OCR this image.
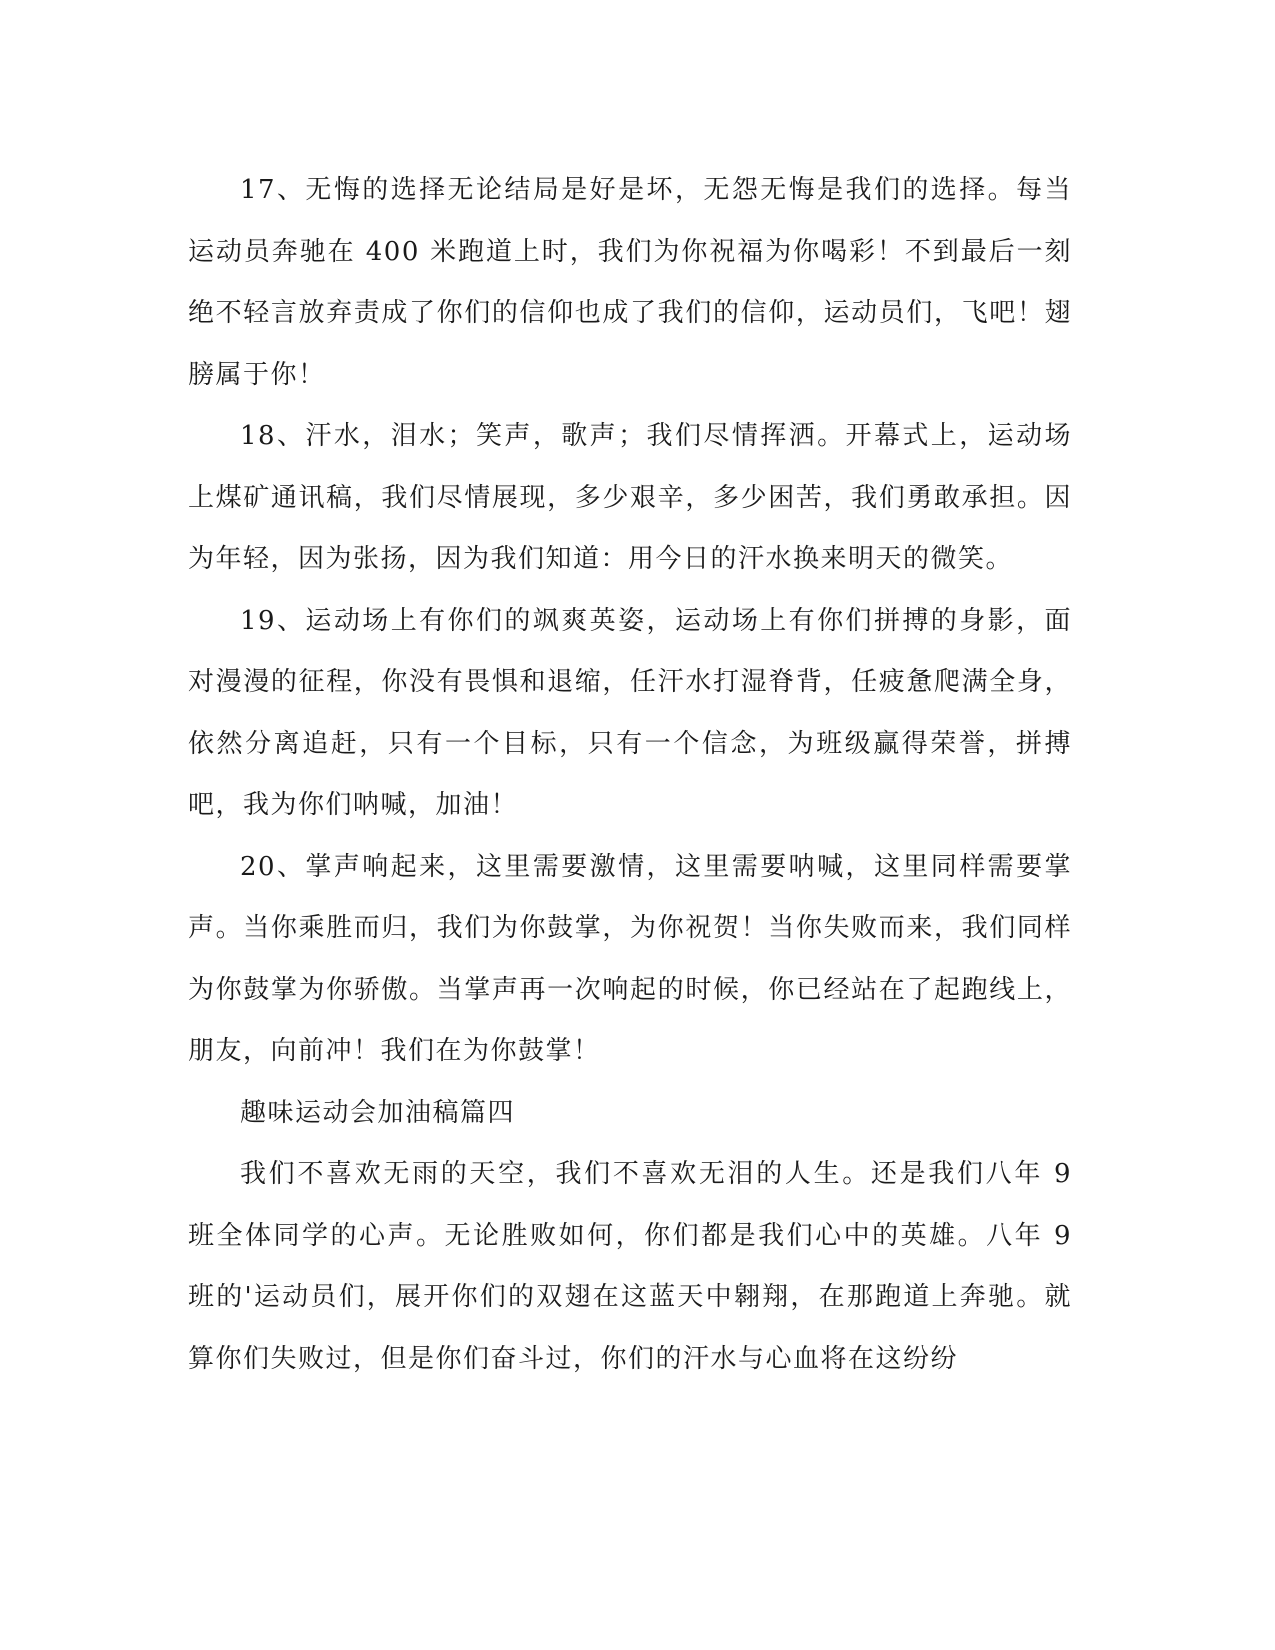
17、无悔的选择无论结局是好是坏，无怨无悔是我们的选择。每当运动员奔驰在 400 米跑道上时，我们为你祝福为你喝彩！不到最后一刻绝不轻言放弃责成了你们的信仰也成了我们的信仰，运动员们，飞吧！翅膀属于你！

18、汗水，泪水；笑声，歌声；我们尽情挥洒。开幕式上，运动场上煤矿通讯稿，我们尽情展现，多少艰辛，多少困苦，我们勇敢承担。因为年轻，因为张扬，因为我们知道：用今日的汗水换来明天的微笑。

19、运动场上有你们的飒爽英姿，运动场上有你们拼搏的身影，面对漫漫的征程，你没有畏惧和退缩，任汗水打湿脊背，任疲惫爬满全身，依然分离追赶，只有一个目标，只有一个信念，为班级赢得荣誉，拼搏吧，我为你们呐喊，加油！

20、掌声响起来，这里需要激情，这里需要呐喊，这里同样需要掌声。当你乘胜而归，我们为你鼓掌，为你祝贺！当你失败而来，我们同样为你鼓掌为你骄傲。当掌声再一次响起的时候，你已经站在了起跑线上，朋友，向前冲！我们在为你鼓掌！

趣味运动会加油稿篇四

我们不喜欢无雨的天空，我们不喜欢无泪的人生。还是我们八年 9 班全体同学的心声。无论胜败如何，你们都是我们心中的英雄。八年 9 班的'运动员们，展开你们的双翅在这蓝天中翱翔，在那跑道上奔驰。就算你们失败过，但是你们奋斗过，你们的汗水与心血将在这纷纷
